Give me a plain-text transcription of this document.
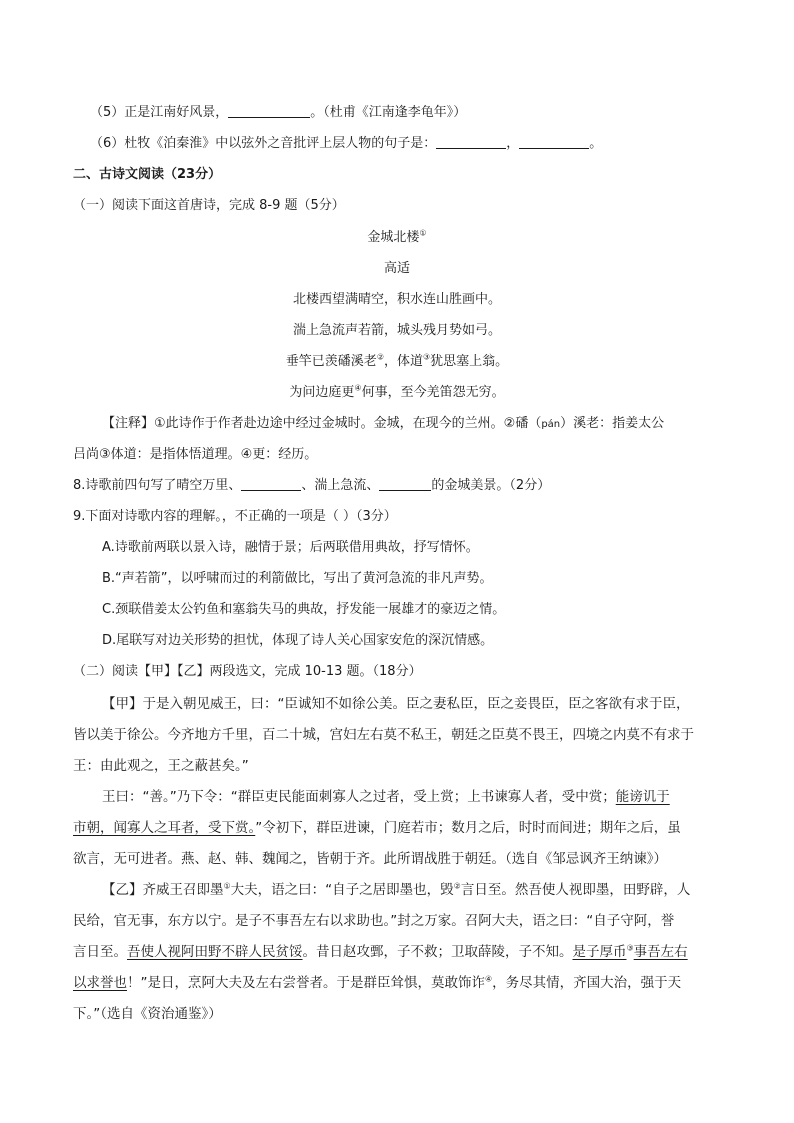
（5）正是江南好风景，	。（杜甫《江南逢李龟年》）
（6）杜牧《泊秦淮》中以弦外之音批评上层人物的句子是：	，	。
二、古诗文阅读（23分）
（一）阅读下面这首唐诗，完成 8-9 题（5分）
金城北楼①
高适
北楼西望满晴空，积水连山胜画中。
湍上急流声若箭，城头残月势如弓。
垂竿已羡磻溪老②，体道③犹思塞上翁。
为问边庭更④何事，至今羌笛怨无穷。
【注释】①此诗作于作者赴边途中经过金城时。金城，在现今的兰州。②磻（pán）溪老：指姜太公
吕尚③体道：是指体悟道理。④更：经历。
8.诗歌前四句写了晴空万里、	、湍上急流、	的金城美景。（2分）
9.下面对诗歌内容的理解。，不正确的一项是（ ）（3分）
A.诗歌前两联以景入诗，融情于景；后两联借用典故，抒写情怀。
B.“声若箭”，以呼啸而过的利箭做比，写出了黄河急流的非凡声势。
C.颈联借姜太公钓鱼和塞翁失马的典故，抒发能一展雄才的豪迈之情。
D.尾联写对边关形势的担忧，体现了诗人关心国家安危的深沉情感。
（二）阅读【甲】【乙】两段选文，完成 10-13 题。（18分）
【甲】于是入朝见威王，曰：“臣诚知不如徐公美。臣之妻私臣，臣之妾畏臣，臣之客欲有求于臣，
皆以美于徐公。今齐地方千里，百二十城，宫妇左右莫不私王，朝廷之臣莫不畏王，四境之内莫不有求于
王：由此观之，王之蔽甚矣。”
王曰：“善。”乃下令：“群臣吏民能面刺寡人之过者，受上赏；上书谏寡人者，受中赏；能谤讥于
市朝，闻寡人之耳者，受下赏。”令初下，群臣进谏，门庭若市；数月之后，时时而间进；期年之后，虽
欲言，无可进者。燕、赵、韩、魏闻之，皆朝于齐。此所谓战胜于朝廷。（选自《邹忌讽齐王纳谏》）
【乙】齐威王召即墨①大夫，语之曰：“自子之居即墨也，毁②言日至。然吾使人视即墨，田野辟，人
民给，官无事，东方以宁。是子不事吾左右以求助也。”封之万家。召阿大夫，语之曰：“自子守阿，誉
言日至。吾使人视阿田野不辟人民贫馁。昔日赵攻鄄，子不救；卫取薛陵，子不知。是子厚币③事吾左右
以求誉也！”是日，烹阿大夫及左右尝誉者。于是群臣耸惧，莫敢饰诈④，务尽其情，齐国大治，强于天
下。”（选自《资治通鉴》）
